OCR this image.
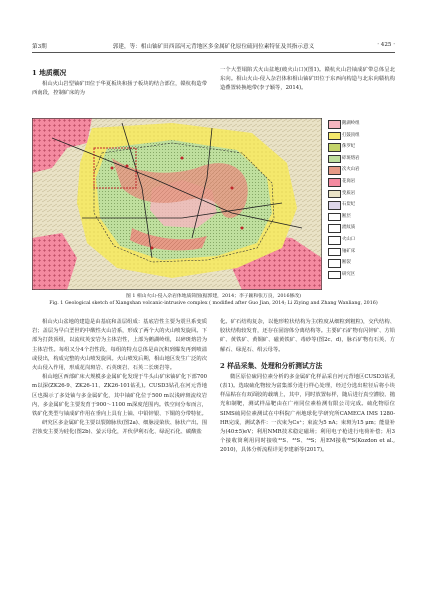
第3期	郭建，等：相山铀矿田西部河元背地区多金属矿化原位硫同位素特征及其指示意义	· 425 ·
1 地质概况

相山火山岩型铀矿田位于华夏板块和扬子板块的结合部位，赣杭构造带西南段，控制矿床的为

一个大型塌陷式火山盆地(破火山口)(图1)。赣杭火山岩铀成矿带总体呈北东向。相山火山-侵入杂岩体和相山铀矿田位于东西向构造与北东向赣杭构造叠置转换地带(李子颖等，2014)。

鹅湖岭组
打鼓顶组
侏罗纪
碎斑熔岩
次火山岩
花岗岩
变质岩
石炭纪
断层
流纹质
火山口
铀矿床
断裂
研究区
图 1 相山火山-侵入杂岩体地质简图(据郭建，2014；李子颖和张万良，2016修改)
Fig. 1 Geological sketch of Xiangshan volcanic-intrusive complex ( modified after Guo Jian, 2014; Li Ziying and Zhang Wanliang, 2016)

相山火山盆地的建造是由基底和盖层组成：基底岩性主要为震旦系变质岩；盖层为早白垩世的中酸性火山岩系，形成了两个大的火山喷发旋回。下部为打鼓顶组，以流纹英安岩为主体岩性，上部为鹅湖岭组，以碎斑熔岩为主体岩性。每组又分4个岩性段，每组的特点总体是由沉积到爆发再到喷溢或侵出，构成完整的火山喷发旋回。火山喷发后期，相山地区发生广泛的次火山侵入作用，形成花岗斑岩、石英斑岩、石英二长斑岩等。

相山地区西部矿床大规模多金属矿化发现于牛头山矿床铀矿化下部700 m以深(ZK26-9、ZK26-11、ZK26-101钻孔)。CUSD3钻孔在河元背地区也揭示了多处铀与多金属矿化，其中铀矿化位于500 m以浅碎斑流纹岩内，多金属矿化主要发育于900～1100 m深度范围内。铁空间分布而言，铁矿化类型与铀成矿作用在垂向上具有上铀、中铅锌银、下铜的分带特征。

研究区多金属矿化主要以裂隙脉状(图2a)、细脉浸染状、脉状产出。围岩蚀变主要为硅化(图2b)、萤云母化，并伙伊利石化、绿泥石化、碳酸盐

化。矿石结构复杂，以他形粒状结构为主(粒度从细粒到粗粒)，交代结构、胶状结构较发育，还存在固溶体分离结构等。主要矿石矿物有闪锌矿、方铅矿、黄铁矿、黄铜矿、磁黄铁矿、毒砂等(图2c、d)，脉石矿物有石英、方解石、绿泥石、绢云母等。

2 样品采集、处理和分析测试方法

微区原位硫同位素分析的多金属矿化样品采自河元背地区CUSD3钻孔(表1)。选取硫化物较为富集部分进行样心处理，经过分选出粒径后将小块样品粘在有双面胶的载璃上，其中，同时放置标样，随后进行真空灌胶、抛光和制靶，测试样品靶由在广州同位素检测有限公司完成。硫化物原位SIMS硫同位素测试在中科院广州地球化学研究所CAMECA IMS 1280-HR完成，测试条件：一次束为Cs⁺；束流为5 nA；束斑为15 μm；能量补为(40±5)eV；利用NMR技术稳定磁场；利用电子枪进行电荷补偿；用3个接收筒利用同时接收³²S、³³S、³⁴S；用EM接收³⁶S(Kozdon et al., 2010)，具体分析流程详见李建新等(2017)。
